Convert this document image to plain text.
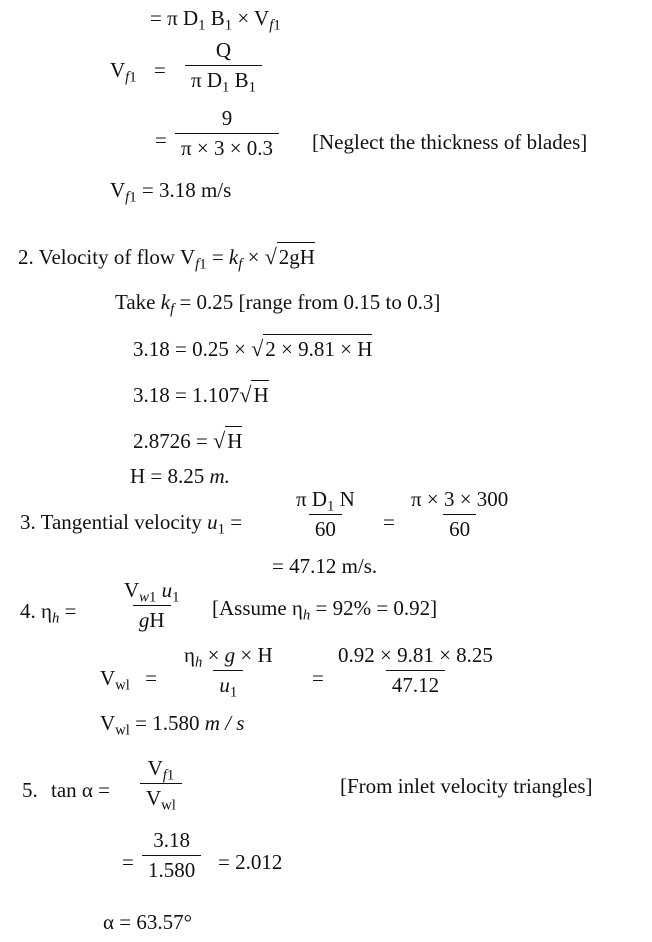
= π $D_1$ $B_1 \times V_{f1}$
$V_{f1} = \frac{Q}{\pi D_1 B_1}$
= $\frac{9}{\pi \times 3 \times 0.3}$ [Neglect the thickness of blades]
$V_{f1} = 3.18$ m/s
2. Velocity of flow $V_{f1} = k_f \times √2gH$
Take $k_f = 0.25$ [range from 0.15 to 0.3]
3.18 = 0.25 × √2 × 9.81 × H
3.18 = 1.107√H
2.8726 = √H
H = 8.25 m.
3. Tangential velocity $u_1 = \frac{\pi D_1 N}{60} = \frac{\pi \times 3 \times 300}{60}$
= 47.12 m/s.
4. $\eta_h = \frac{V_{w1} u_1}{gH}$ [Assume $\eta_h = 92\% = 0.92$]
$V_{wl} = \frac{\eta_h \times g \times H}{u_1} = \frac{0.92 \times 9.81 \times 8.25}{47.12}$
$V_{wl} = 1.580$ m / s
5. tan α =
$V_{f1}$
$V_{wl}$
[From inlet velocity triangles]
= $\frac{3.18}{1.580} = 2.012$
α = 63.57°
